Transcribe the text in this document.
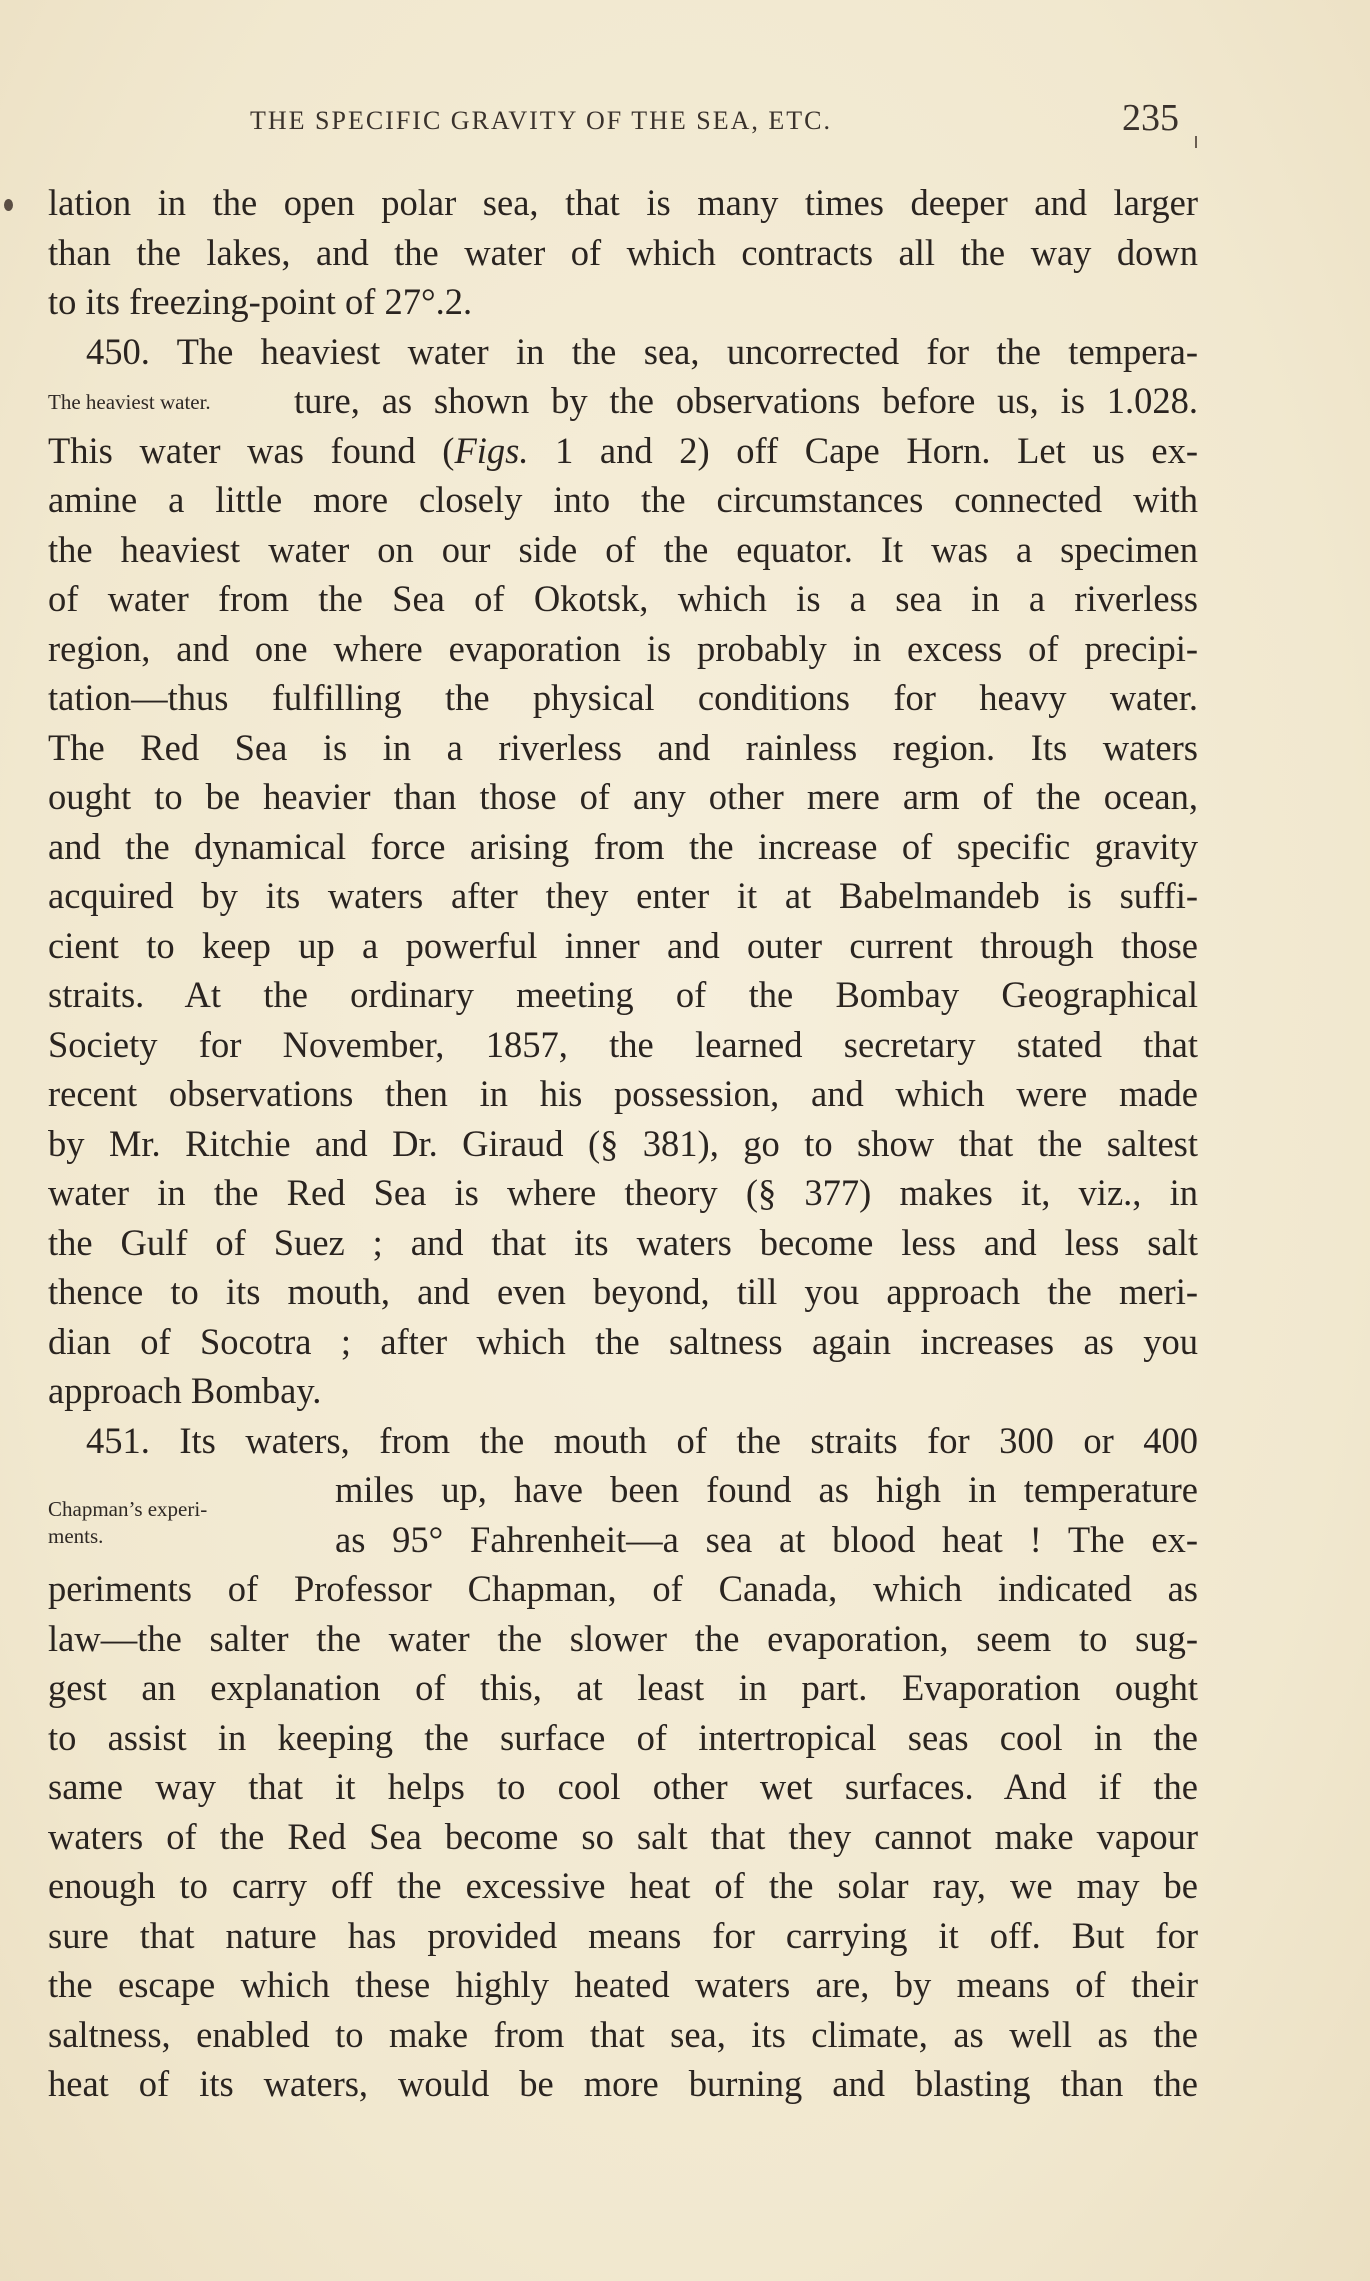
THE SPECIFIC GRAVITY OF THE SEA, ETC.	235
The heaviest water.
Chapman’s experi-
ments.
lation in the open polar sea, that is many times deeper and larger
than the lakes, and the water of which contracts all the way down
to its freezing-point of 27°.2.
450. The heaviest water in the sea, uncorrected for the tempera-
ture, as shown by the observations before us, is 1.028.
This water was found (Figs. 1 and 2) off Cape Horn. Let us ex-
amine a little more closely into the circumstances connected with
the heaviest water on our side of the equator. It was a specimen
of water from the Sea of Okotsk, which is a sea in a riverless
region, and one where evaporation is probably in excess of precipi-
tation—thus fulfilling the physical conditions for heavy water.
The Red Sea is in a riverless and rainless region. Its waters
ought to be heavier than those of any other mere arm of the ocean,
and the dynamical force arising from the increase of specific gravity
acquired by its waters after they enter it at Babelmandeb is suffi-
cient to keep up a powerful inner and outer current through those
straits. At the ordinary meeting of the Bombay Geographical
Society for November, 1857, the learned secretary stated that
recent observations then in his possession, and which were made
by Mr. Ritchie and Dr. Giraud (§ 381), go to show that the saltest
water in the Red Sea is where theory (§ 377) makes it, viz., in
the Gulf of Suez ; and that its waters become less and less salt
thence to its mouth, and even beyond, till you approach the meri-
dian of Socotra ; after which the saltness again increases as you
approach Bombay.
451. Its waters, from the mouth of the straits for 300 or 400
miles up, have been found as high in temperature
as 95° Fahrenheit—a sea at blood heat ! The ex-
periments of Professor Chapman, of Canada, which indicated as
law—the salter the water the slower the evaporation, seem to sug-
gest an explanation of this, at least in part. Evaporation ought
to assist in keeping the surface of intertropical seas cool in the
same way that it helps to cool other wet surfaces. And if the
waters of the Red Sea become so salt that they cannot make vapour
enough to carry off the excessive heat of the solar ray, we may be
sure that nature has provided means for carrying it off. But for
the escape which these highly heated waters are, by means of their
saltness, enabled to make from that sea, its climate, as well as the
heat of its waters, would be more burning and blasting than the
